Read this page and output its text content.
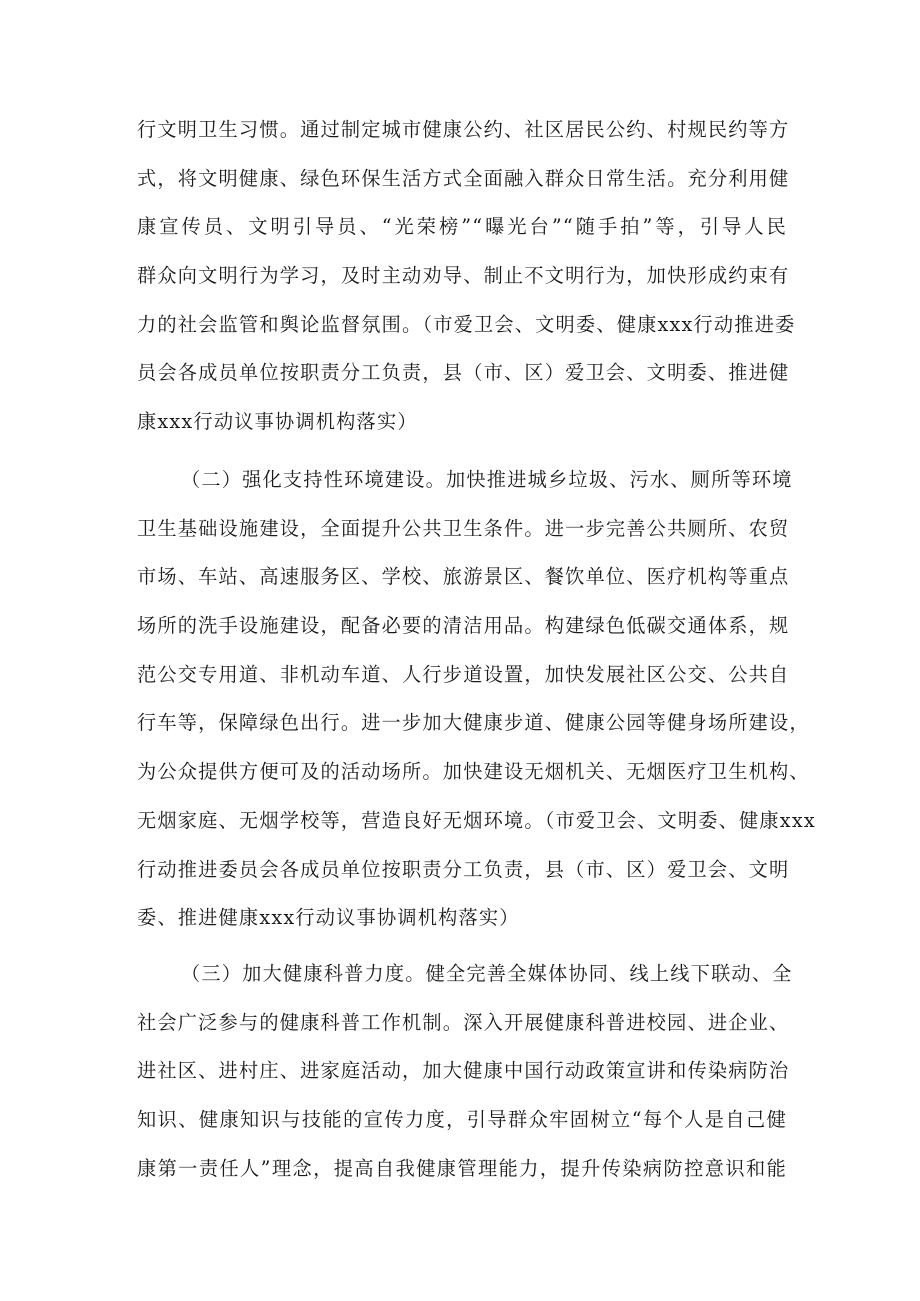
行文明卫生习惯。通过制定城市健康公约、社区居民公约、村规民约等方
式，将文明健康、绿色环保生活方式全面融入群众日常生活。充分利用健
康宣传员、文明引导员、“光荣榜”“曝光台”“随手拍”等，引导人民
群众向文明行为学习，及时主动劝导、制止不文明行为，加快形成约束有
力的社会监管和舆论监督氛围。（市爱卫会、文明委、健康xxx行动推进委
员会各成员单位按职责分工负责，县（市、区）爱卫会、文明委、推进健
康xxx行动议事协调机构落实）
（二）强化支持性环境建设。加快推进城乡垃圾、污水、厕所等环境
卫生基础设施建设，全面提升公共卫生条件。进一步完善公共厕所、农贸
市场、车站、高速服务区、学校、旅游景区、餐饮单位、医疗机构等重点
场所的洗手设施建设，配备必要的清洁用品。构建绿色低碳交通体系，规
范公交专用道、非机动车道、人行步道设置，加快发展社区公交、公共自
行车等，保障绿色出行。进一步加大健康步道、健康公园等健身场所建设，
为公众提供方便可及的活动场所。加快建设无烟机关、无烟医疗卫生机构、
无烟家庭、无烟学校等，营造良好无烟环境。（市爱卫会、文明委、健康xxx
行动推进委员会各成员单位按职责分工负责，县（市、区）爱卫会、文明
委、推进健康xxx行动议事协调机构落实）
（三）加大健康科普力度。健全完善全媒体协同、线上线下联动、全
社会广泛参与的健康科普工作机制。深入开展健康科普进校园、进企业、
进社区、进村庄、进家庭活动，加大健康中国行动政策宣讲和传染病防治
知识、健康知识与技能的宣传力度，引导群众牢固树立“每个人是自己健
康第一责任人”理念，提高自我健康管理能力，提升传染病防控意识和能
